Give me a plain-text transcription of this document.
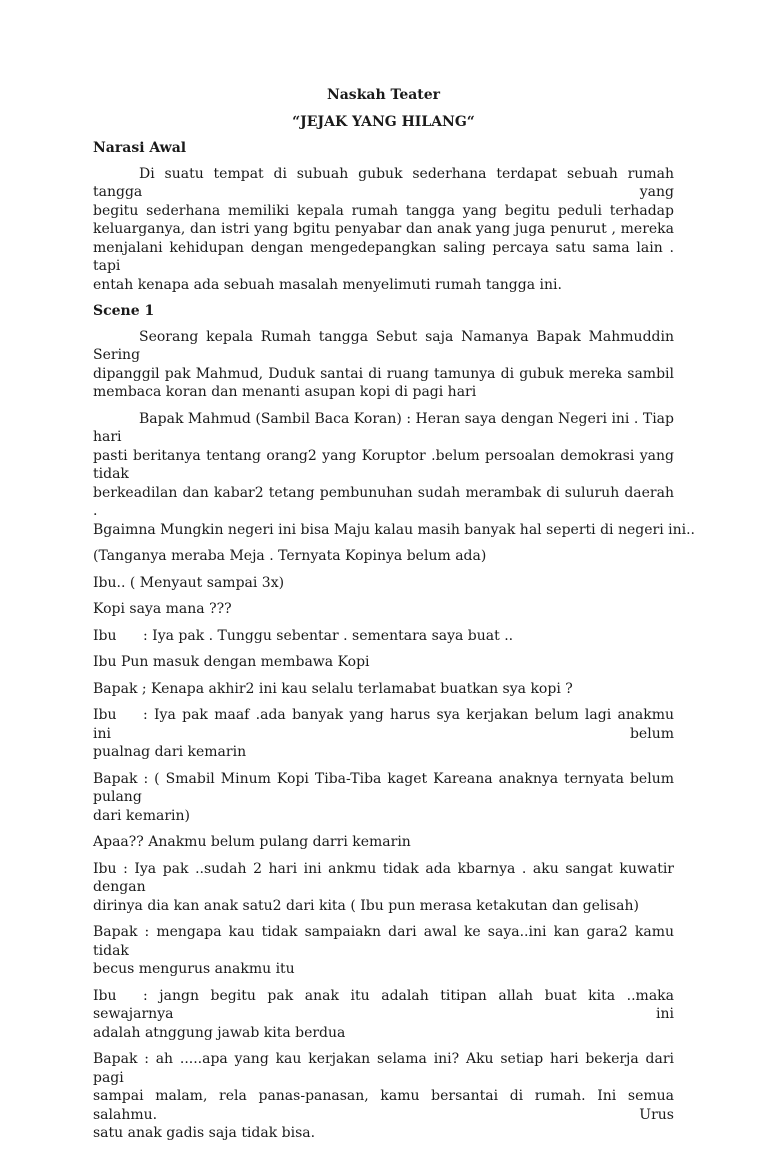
Naskah Teater
“JEJAK YANG HILANG“
Narasi Awal
Di suatu tempat di subuah gubuk sederhana terdapat sebuah rumah tangga yang
begitu sederhana memiliki kepala rumah tangga yang begitu peduli terhadap
keluarganya, dan istri yang bgitu penyabar dan anak yang juga penurut , mereka
menjalani kehidupan dengan mengedepangkan saling percaya satu sama lain . tapi
entah kenapa ada sebuah masalah menyelimuti rumah tangga ini.
Scene 1
Seorang kepala Rumah tangga Sebut saja Namanya Bapak Mahmuddin Sering
dipanggil pak Mahmud, Duduk santai di ruang tamunya di gubuk mereka sambil
membaca koran dan menanti asupan kopi di pagi hari
Bapak Mahmud (Sambil Baca Koran) : Heran saya dengan Negeri ini . Tiap hari
pasti beritanya tentang orang2 yang Koruptor .belum persoalan demokrasi yang tidak
berkeadilan dan kabar2 tetang pembunuhan sudah merambak di suluruh daerah .
Bgaimna Mungkin negeri ini bisa Maju kalau masih banyak hal seperti di negeri ini..
(Tanganya meraba Meja . Ternyata Kopinya belum ada)
Ibu.. ( Menyaut sampai 3x)
Kopi saya mana ???
Ibu : Iya pak . Tunggu sebentar . sementara saya buat ..
Ibu Pun masuk dengan membawa Kopi
Bapak ; Kenapa akhir2 ini kau selalu terlamabat buatkan sya kopi ?
Ibu : Iya pak maaf .ada banyak yang harus sya kerjakan belum lagi anakmu ini belum
pualnag dari kemarin
Bapak : ( Smabil Minum Kopi Tiba-Tiba kaget Kareana anaknya ternyata belum pulang
dari kemarin)
Apaa?? Anakmu belum pulang darri kemarin
Ibu : Iya pak ..sudah 2 hari ini ankmu tidak ada kbarnya . aku sangat kuwatir dengan
dirinya dia kan anak satu2 dari kita ( Ibu pun merasa ketakutan dan gelisah)
Bapak : mengapa kau tidak sampaiakn dari awal ke saya..ini kan gara2 kamu tidak
becus mengurus anakmu itu
Ibu : jangn begitu pak anak itu adalah titipan allah buat kita ..maka sewajarnya ini
adalah atnggung jawab kita berdua
Bapak : ah .....apa yang kau kerjakan selama ini? Aku setiap hari bekerja dari pagi
sampai malam, rela panas-panasan, kamu bersantai di rumah. Ini semua salahmu. Urus
satu anak gadis saja tidak bisa.
